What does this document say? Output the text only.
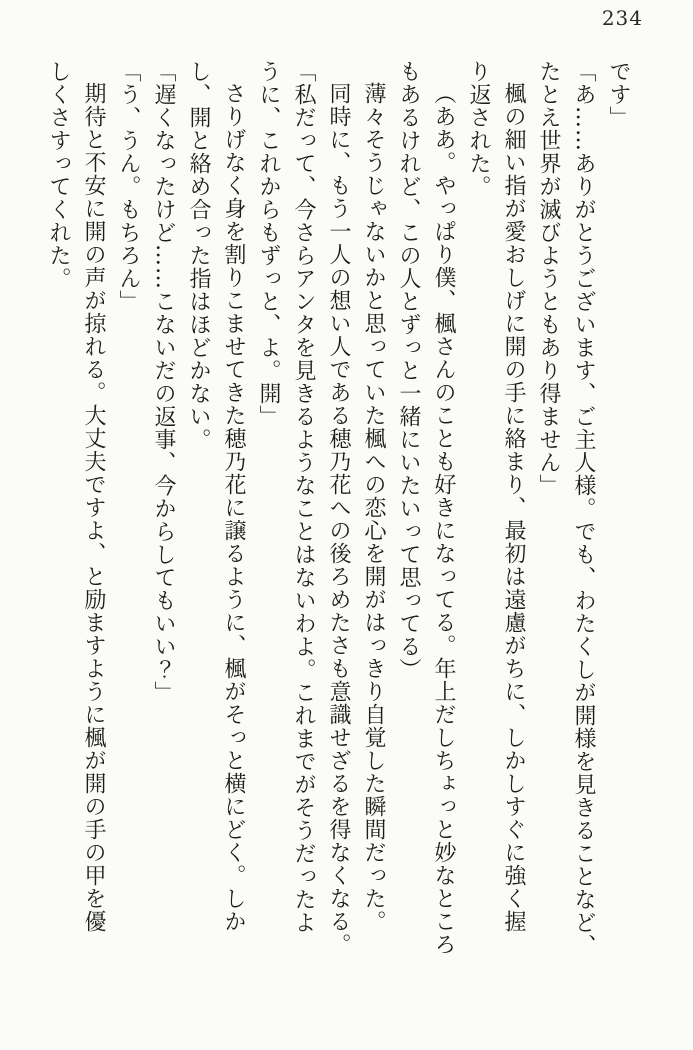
234
です」
「あ……ありがとうございます、ご主人様。でも、わたくしが開様を見きることなど、
たとえ世界が滅びようともあり得ません」
楓の細い指が愛おしげに開の手に絡まり、最初は遠慮がちに、しかしすぐに強く握
り返された。
（ああ。やっぱり僕、楓さんのことも好きになってる。年上だしちょっと妙なところ
もあるけれど、この人とずっと一緒にいたいって思ってる）
薄々そうじゃないかと思っていた楓への恋心を開がはっきり自覚した瞬間だった。
同時に、もう一人の想い人である穂乃花への後ろめたさも意識せざるを得なくなる。
「私だって、今さらアンタを見きるようなことはないわよ。これまでがそうだったよ
うに、これからもずっと、よ。開」
さりげなく身を割りこませてきた穂乃花に譲るように、楓がそっと横にどく。しか
し、開と絡め合った指はほどかない。
「遅くなったけど……こないだの返事、今からしてもいい？」
「う、うん。もちろん」
期待と不安に開の声が掠れる。大丈夫ですよ、と励ますように楓が開の手の甲を優
しくさすってくれた。
